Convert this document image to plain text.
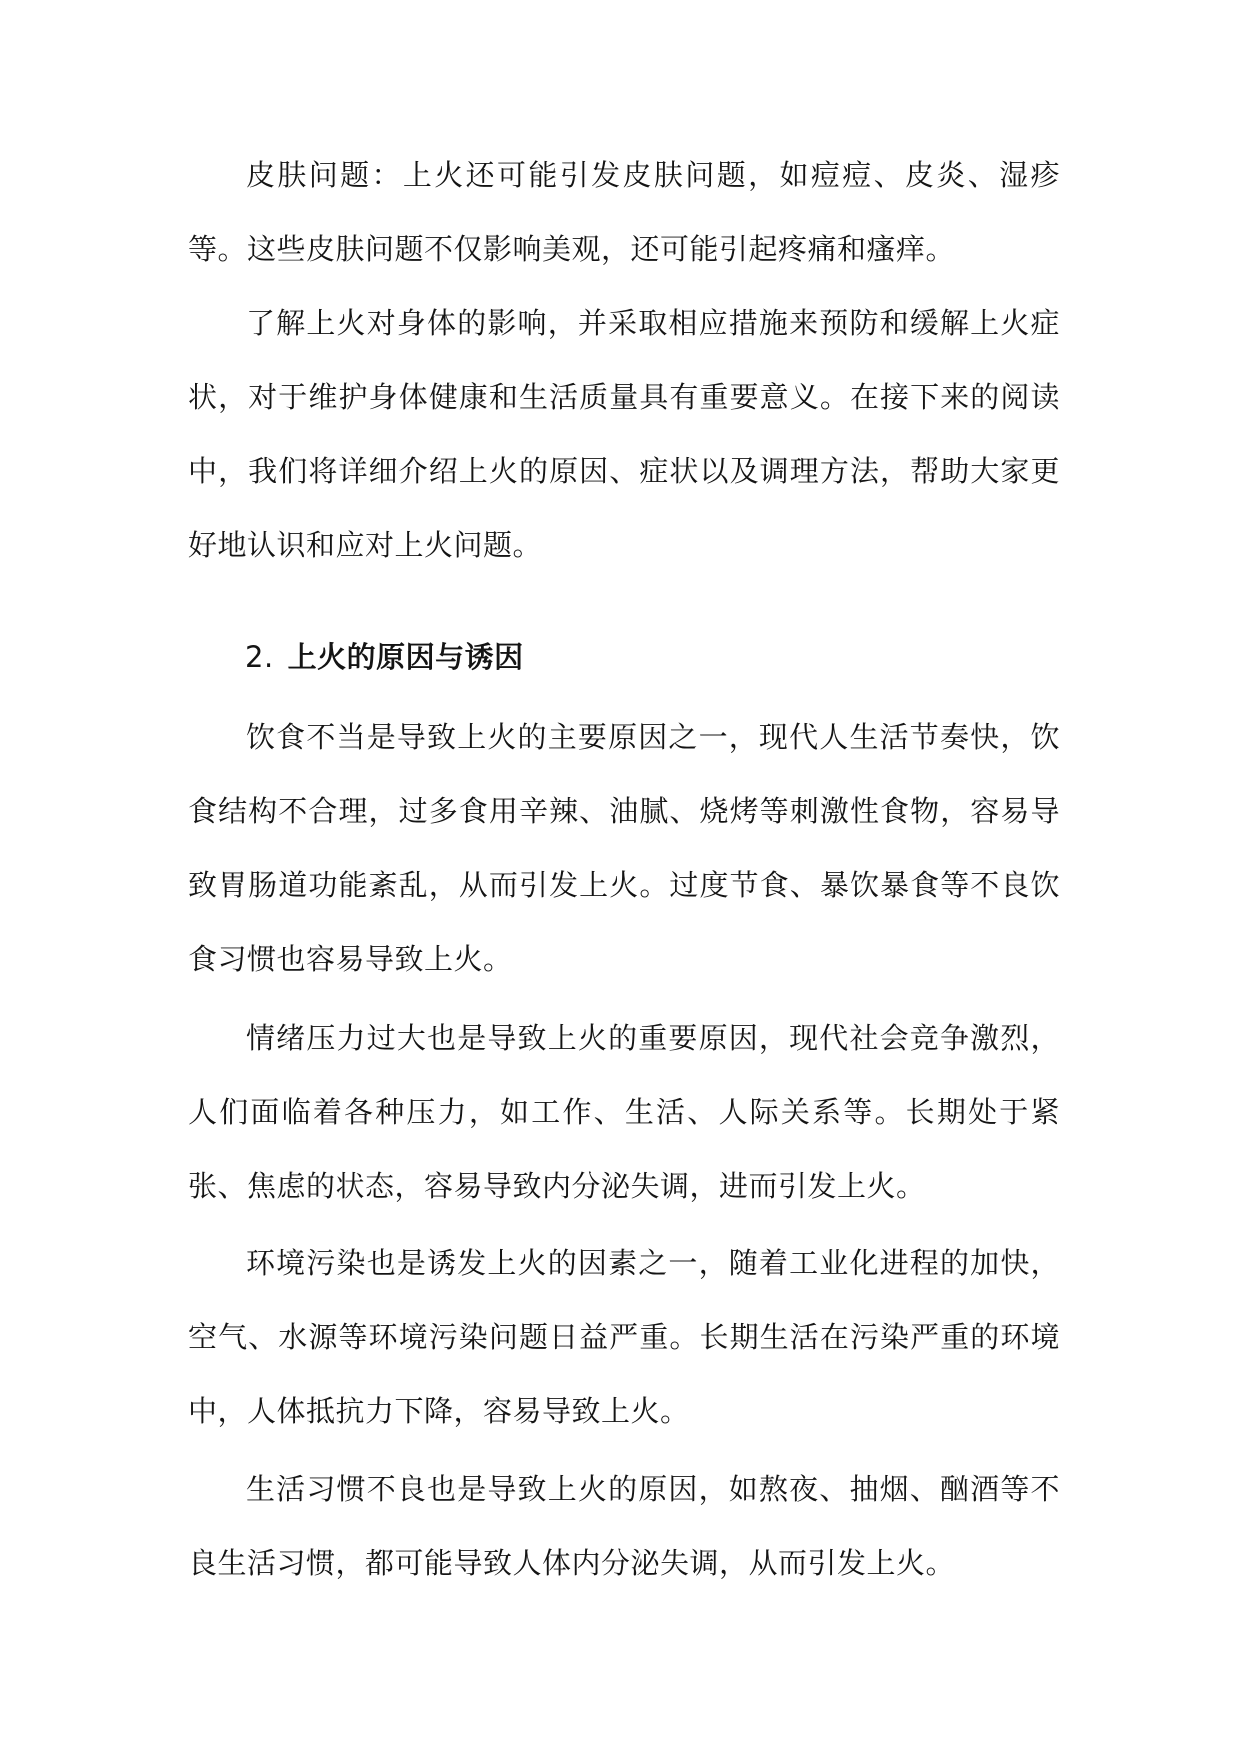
皮肤问题：上火还可能引发皮肤问题，如痘痘、皮炎、湿疹等。这些皮肤问题不仅影响美观，还可能引起疼痛和瘙痒。

了解上火对身体的影响，并采取相应措施来预防和缓解上火症状，对于维护身体健康和生活质量具有重要意义。在接下来的阅读中，我们将详细介绍上火的原因、症状以及调理方法，帮助大家更好地认识和应对上火问题。

2. 上火的原因与诱因

饮食不当是导致上火的主要原因之一，现代人生活节奏快，饮食结构不合理，过多食用辛辣、油腻、烧烤等刺激性食物，容易导致胃肠道功能紊乱，从而引发上火。过度节食、暴饮暴食等不良饮食习惯也容易导致上火。

情绪压力过大也是导致上火的重要原因，现代社会竞争激烈，人们面临着各种压力，如工作、生活、人际关系等。长期处于紧张、焦虑的状态，容易导致内分泌失调，进而引发上火。

环境污染也是诱发上火的因素之一，随着工业化进程的加快，空气、水源等环境污染问题日益严重。长期生活在污染严重的环境中，人体抵抗力下降，容易导致上火。

生活习惯不良也是导致上火的原因，如熬夜、抽烟、酗酒等不良生活习惯，都可能导致人体内分泌失调，从而引发上火。
